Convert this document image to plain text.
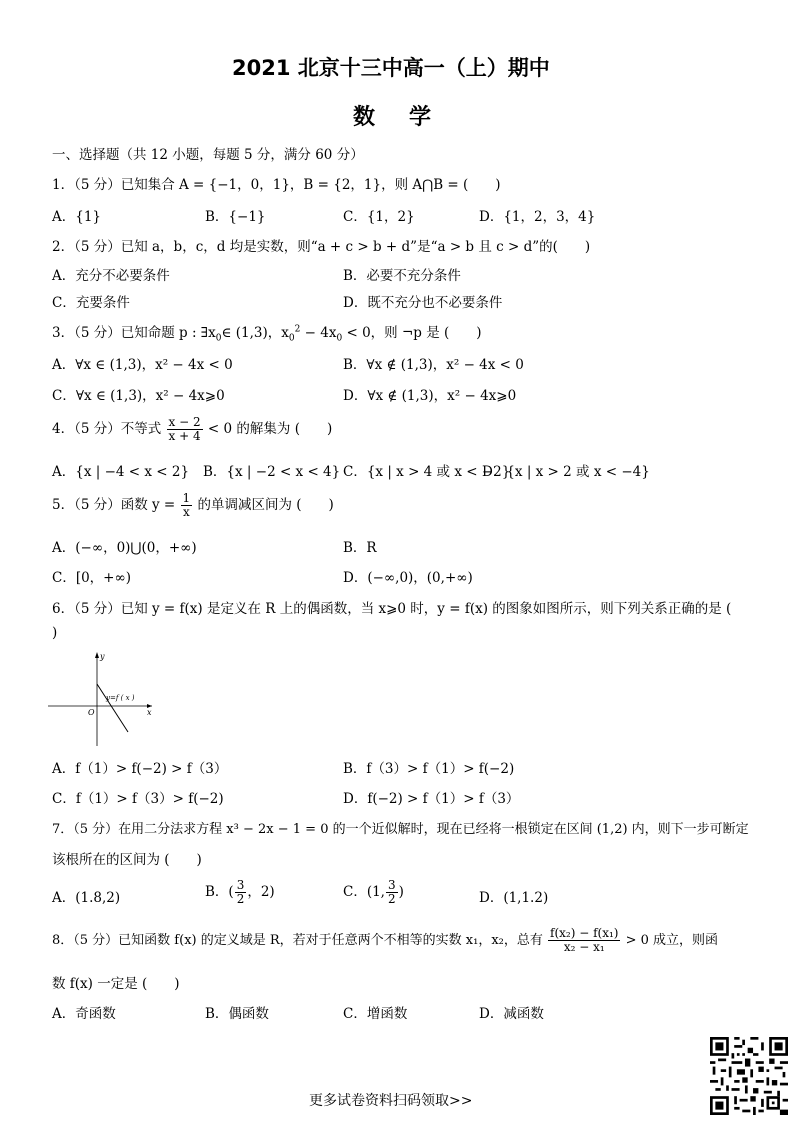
2021 北京十三中高一（上）期中
数学
一、选择题（共 12 小题，每题 5 分，满分 60 分）
1．（5 分）已知集合 A = {−1，0，1}，B = {2，1}，则 A⋂B = (　　)
A．{1}	B．{−1}	C．{1，2}	D．{1，2，3，4}
2．（5 分）已知 a，b，c，d 均是实数，则“a + c > b + d”是“a > b 且 c > d”的(　　)
A．充分不必要条件	B．必要不充分条件
C．充要条件	D．既不充分也不必要条件
3．（5 分）已知命题 p : $\exists x_0\in$ (1,3)，$x_0^2 - 4x_0 < 0$，则 ¬p 是 (　　)
A．∀x ∈ (1,3)，x² − 4x < 0	B．∀x ∉ (1,3)，x² − 4x < 0
C．∀x ∈ (1,3)，x² − 4x⩾0	D．∀x ∉ (1,3)，x² − 4x⩾0
4．（5 分）不等式 $\frac{x - 2}{x + 4} < 0$ 的解集为 (　　)
A．{x | −4 < x < 2} B．{x | −2 < x < 4} C．{x | x > 4 或 x < −2}
D．{x | x > 2 或 x < −4}
5．（5 分）函数 $y = \frac{1}{x}$ 的单调减区间为 (　　)
A．(−∞，0)⋃(0，+∞)	B．R
C．[0，+∞)	D．(−∞,0)，(0,+∞)
6．（5 分）已知 y = f(x) 是定义在 R 上的偶函数，当 x⩾0 时，y = f(x) 的图象如图所示，则下列关系正确的是 (
)
y
x
O
y=f ( x )
A．f（1）> f(−2) > f（3）	B．f（3）> f（1）> f(−2)
C．f（1）> f（3）> f(−2)	D．f(−2) > f（1）> f（3）
7．（5 分）在用二分法求方程 x³ − 2x − 1 = 0 的一个近似解时，现在已经将一根锁定在区间 (1,2) 内，则下一步可断定
该根所在的区间为 (　　)
A．(1.8,2)	B．( $\frac{3}{2}$ ，2)	C．(1, $\frac{3}{2}$ )	D．(1,1.2)
8．（5 分）已知函数 f(x) 的定义域是 R，若对于任意两个不相等的实数 x₁，x₂，总有 $\frac{\text{f(x₂) − f(x₁)}}{\text{x₂ − x₁}} > 0$ 成立，则函
数 f(x) 一定是 (　　)
A．奇函数	B．偶函数	C．增函数	D．减函数
更多试卷资料扫码领取>>
